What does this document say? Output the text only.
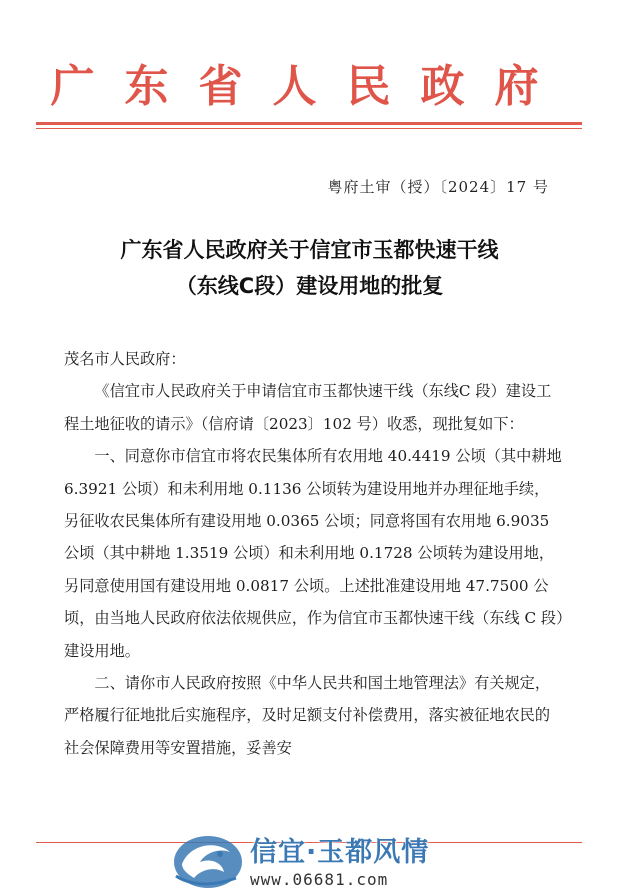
广东省人民政府
粤府土审（授）〔2024〕17 号
广东省人民政府关于信宜市玉都快速干线
（东线C段）建设用地的批复

茂名市人民政府：

《信宜市人民政府关于申请信宜市玉都快速干线（东线C 段）建设工程土地征收的请示》（信府请〔2023〕102 号）收悉，现批复如下：

一、同意你市信宜市将农民集体所有农用地 40.4419 公顷（其中耕地 6.3921 公顷）和未利用地 0.1136 公顷转为建设用地并办理征地手续，另征收农民集体所有建设用地 0.0365 公顷；同意将国有农用地 6.9035 公顷（其中耕地 1.3519 公顷）和未利用地 0.1728 公顷转为建设用地，另同意使用国有建设用地 0.0817 公顷。上述批准建设用地 47.7500 公顷，由当地人民政府依法依规供应，作为信宜市玉都快速干线（东线 C 段）建设用地。

二、请你市人民政府按照《中华人民共和国土地管理法》有关规定，严格履行征地批后实施程序，及时足额支付补偿费用，落实被征地农民的社会保障费用等安置措施，妥善安

信宜·玉都风情
www.06681.com
